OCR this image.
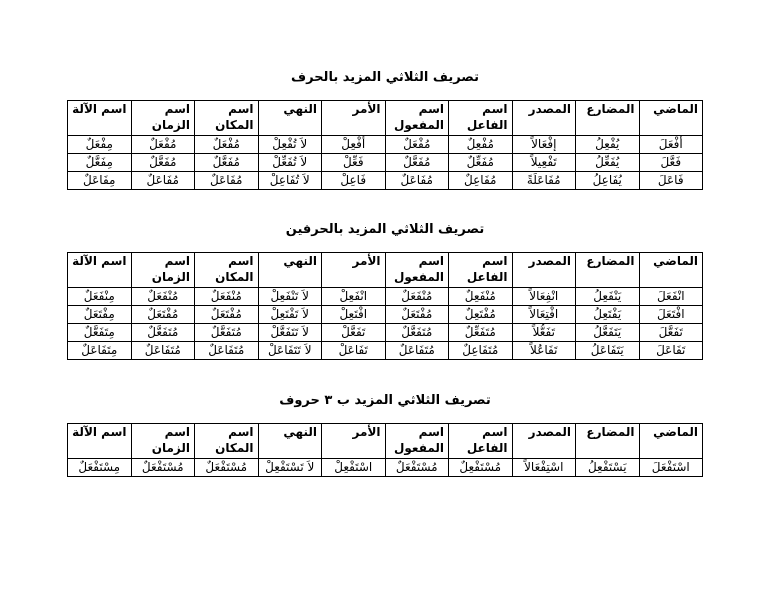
تصريف الثلاثي المزيد بالحرف
الماضي	المضارع	المصدر	اسم الفاعل	اسم المفعول	الأمر	النهي	اسم المكان	اسم الزمان	اسم الآلة
أفْعَلَ	يُفْعِلُ	إفْعَالاً	مُفْعِلٌ	مُفْعَلٌ	أفْعِلْ	لاَ تُفْعِلْ	مُفْعَلٌ	مُفْعَلٌ	مِفْعَلٌ
فَعَّلَ	يُفَعِّلُ	تَفْعِيلاً	مُفَعِّلٌ	مُفَعَّلٌ	فَعِّلْ	لاَ تُفَعِّلْ	مُفَعَّلٌ	مُفَعَّلٌ	مِفَعَّلٌ
فَاعَلَ	يُفَاعِلُ	مُفَاعَلَةً	مُفَاعِلٌ	مُفَاعَلٌ	فَاعِلْ	لاَ تُفَاعِلْ	مُفَاعَلٌ	مُفَاعَلٌ	مِفَاعَلٌ
تصريف الثلاثي المزيد بالحرفين
الماضي	المضارع	المصدر	اسم الفاعل	اسم المفعول	الأمر	النهي	اسم المكان	اسم الزمان	اسم الآلة
انْفَعَلَ	يَنْفَعِلُ	انْفِعَالاً	مُنْفَعِلٌ	مُنْفَعَلٌ	انْفَعِلْ	لاَ تَنْفَعِلْ	مُنْفَعَلٌ	مُنْفَعَلٌ	مِنْفَعَلٌ
افْتَعَلَ	يَفْتَعِلُ	افْتِعَالاً	مُفْتَعِلٌ	مُفْتَعَلٌ	افْتَعِلْ	لاَ تَفْتَعِلْ	مُفْتَعَلٌ	مُفْتَعَلٌ	مِفْتَعَلٌ
تَفَعَّلَ	يَتَفَعَّلُ	تَفَعُّلاً	مُتَفَعِّلٌ	مُتَفَعَّلٌ	تَفَعَّلْ	لاَ تَتَفَعَّلْ	مُتَفَعَّلٌ	مُتَفَعَّلٌ	مِتَفَعَّلٌ
تَفَاعَلَ	يَتَفَاعَلُ	تَفَاعُلاً	مُتَفَاعِلٌ	مُتَفَاعَلٌ	تَفَاعَلْ	لاَ تَتَفَاعَلْ	مُتَفَاعَلٌ	مُتَفَاعَلٌ	مِتَفَاعَلٌ
تصريف الثلاثي المزيد ب ٣ حروف
الماضي	المضارع	المصدر	اسم الفاعل	اسم المفعول	الأمر	النهي	اسم المكان	اسم الزمان	اسم الآلة
اسْتَفْعَلَ	يَسْتَفْعِلُ	اسْتِفْعَالاً	مُسْتَفْعِلٌ	مُسْتَفْعَلٌ	اسْتَفْعِلْ	لاَ تَسْتَفْعِلْ	مُسْتَفْعَلٌ	مُسْتَفْعَلٌ	مِسْتَفْعَلٌ
